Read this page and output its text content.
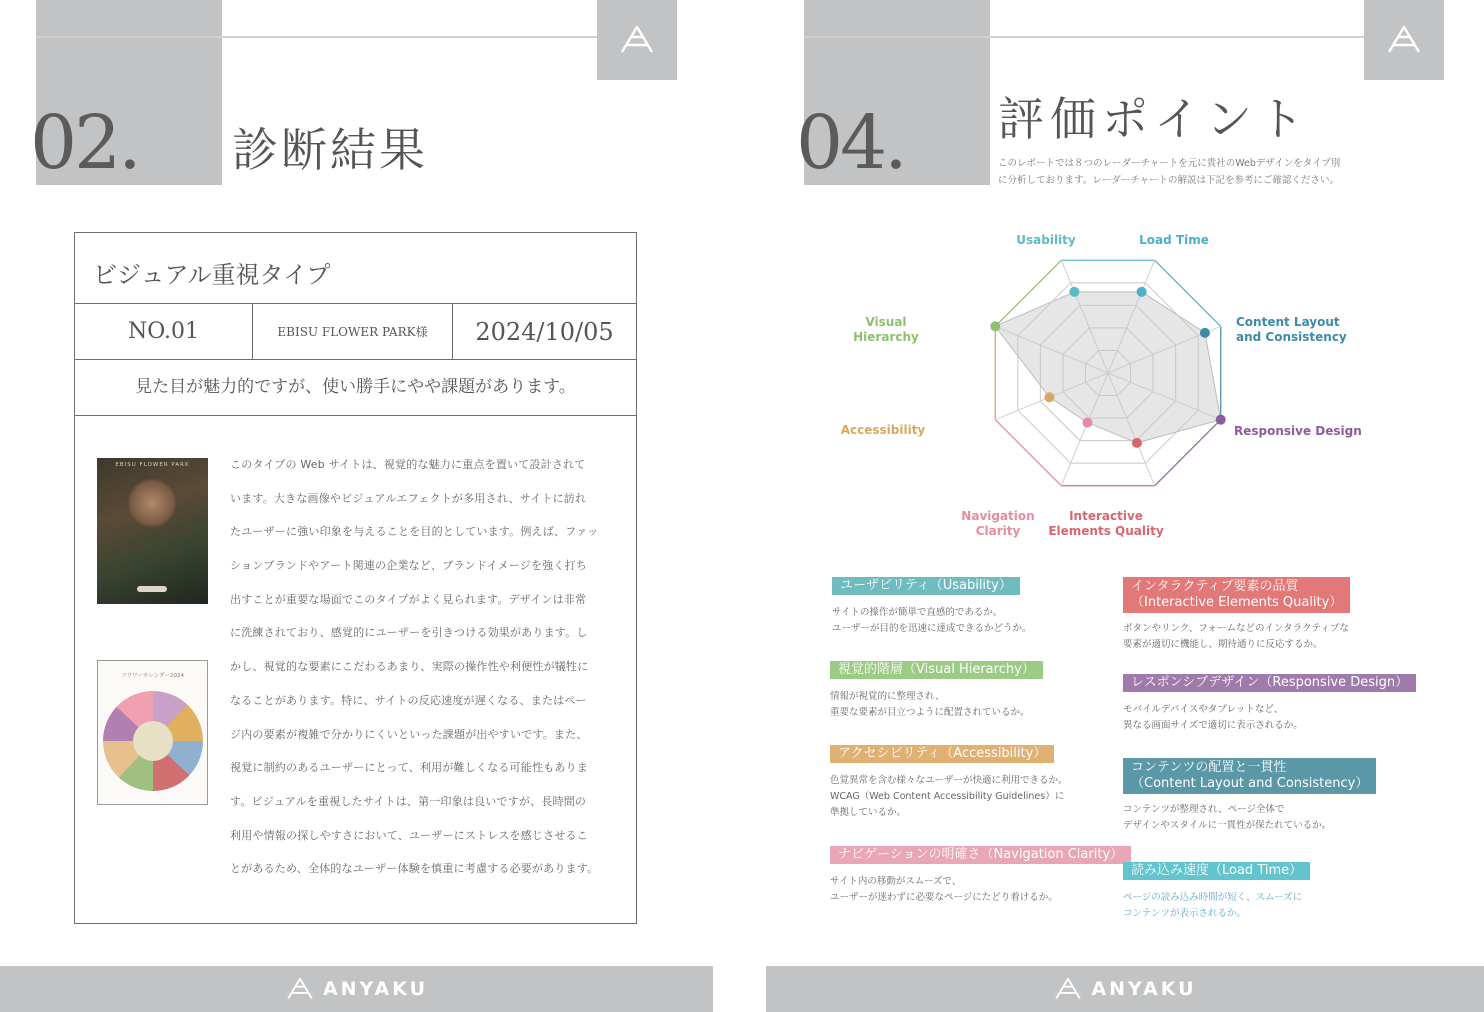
02. 診断結果
ビジュアル重視タイプ
NO.01	EBISU FLOWER PARK様	2024/10/05
見た目が魅力的ですが、使い勝手にやや課題があります。
EBISU FLOWER PARK
フラワーカレンダー2024
このタイプの Web サイトは、視覚的な魅力に重点を置いて設計されて
います。大きな画像やビジュアルエフェクトが多用され、サイトに訪れ
たユーザーに強い印象を与えることを目的としています。例えば、ファッ
ションブランドやアート関連の企業など、ブランドイメージを強く打ち
出すことが重要な場面でこのタイプがよく見られます。デザインは非常
に洗練されており、感覚的にユーザーを引きつける効果があります。し
かし、視覚的な要素にこだわるあまり、実際の操作性や利便性が犠牲に
なることがあります。特に、サイトの反応速度が遅くなる、またはペー
ジ内の要素が複雑で分かりにくいといった課題が出やすいです。また、
視覚に制約のあるユーザーにとって、利用が難しくなる可能性もありま
す。ビジュアルを重視したサイトは、第一印象は良いですが、長時間の
利用や情報の探しやすさにおいて、ユーザーにストレスを感じさせるこ
とがあるため、全体的なユーザー体験を慎重に考慮する必要があります。
ANYAKU
04. 評価ポイント
このレポートでは８つのレーダーチャートを元に貴社のWebデザインをタイプ別
に分析しております。レーダーチャートの解説は下記を参考にご確認ください。
Usability	Load Time
Content Layout
and Consistency
Responsive Design
Interactive
Elements Quality
Navigation
Clarity
Accessibility
Visual
Hierarchy
ユーザビリティ（Usability）
サイトの操作が簡単で直感的であるか。
ユーザーが目的を迅速に達成できるかどうか。
視覚的階層（Visual Hierarchy）
情報が視覚的に整理され、
重要な要素が目立つように配置されているか。
アクセシビリティ（Accessibility）
色覚異常を含む様々なユーザーが快適に利用できるか。
WCAG（Web Content Accessibility Guidelines）に
準拠しているか。
ナビゲーションの明確さ（Navigation Clarity）
サイト内の移動がスムーズで、
ユーザーが迷わずに必要なページにたどり着けるか。
インタラクティブ要素の品質
（Interactive Elements Quality）
ボタンやリンク、フォームなどのインタラクティブな
要素が適切に機能し、期待通りに反応するか。
レスポンシブデザイン（Responsive Design）
モバイルデバイスやタブレットなど、
異なる画面サイズで適切に表示されるか。
コンテンツの配置と一貫性
（Content Layout and Consistency）
コンテンツが整理され、ページ全体で
デザインやスタイルに一貫性が保たれているか。
読み込み速度（Load Time）
ページの読み込み時間が短く、スムーズに
コンテンツが表示されるか。
ANYAKU
